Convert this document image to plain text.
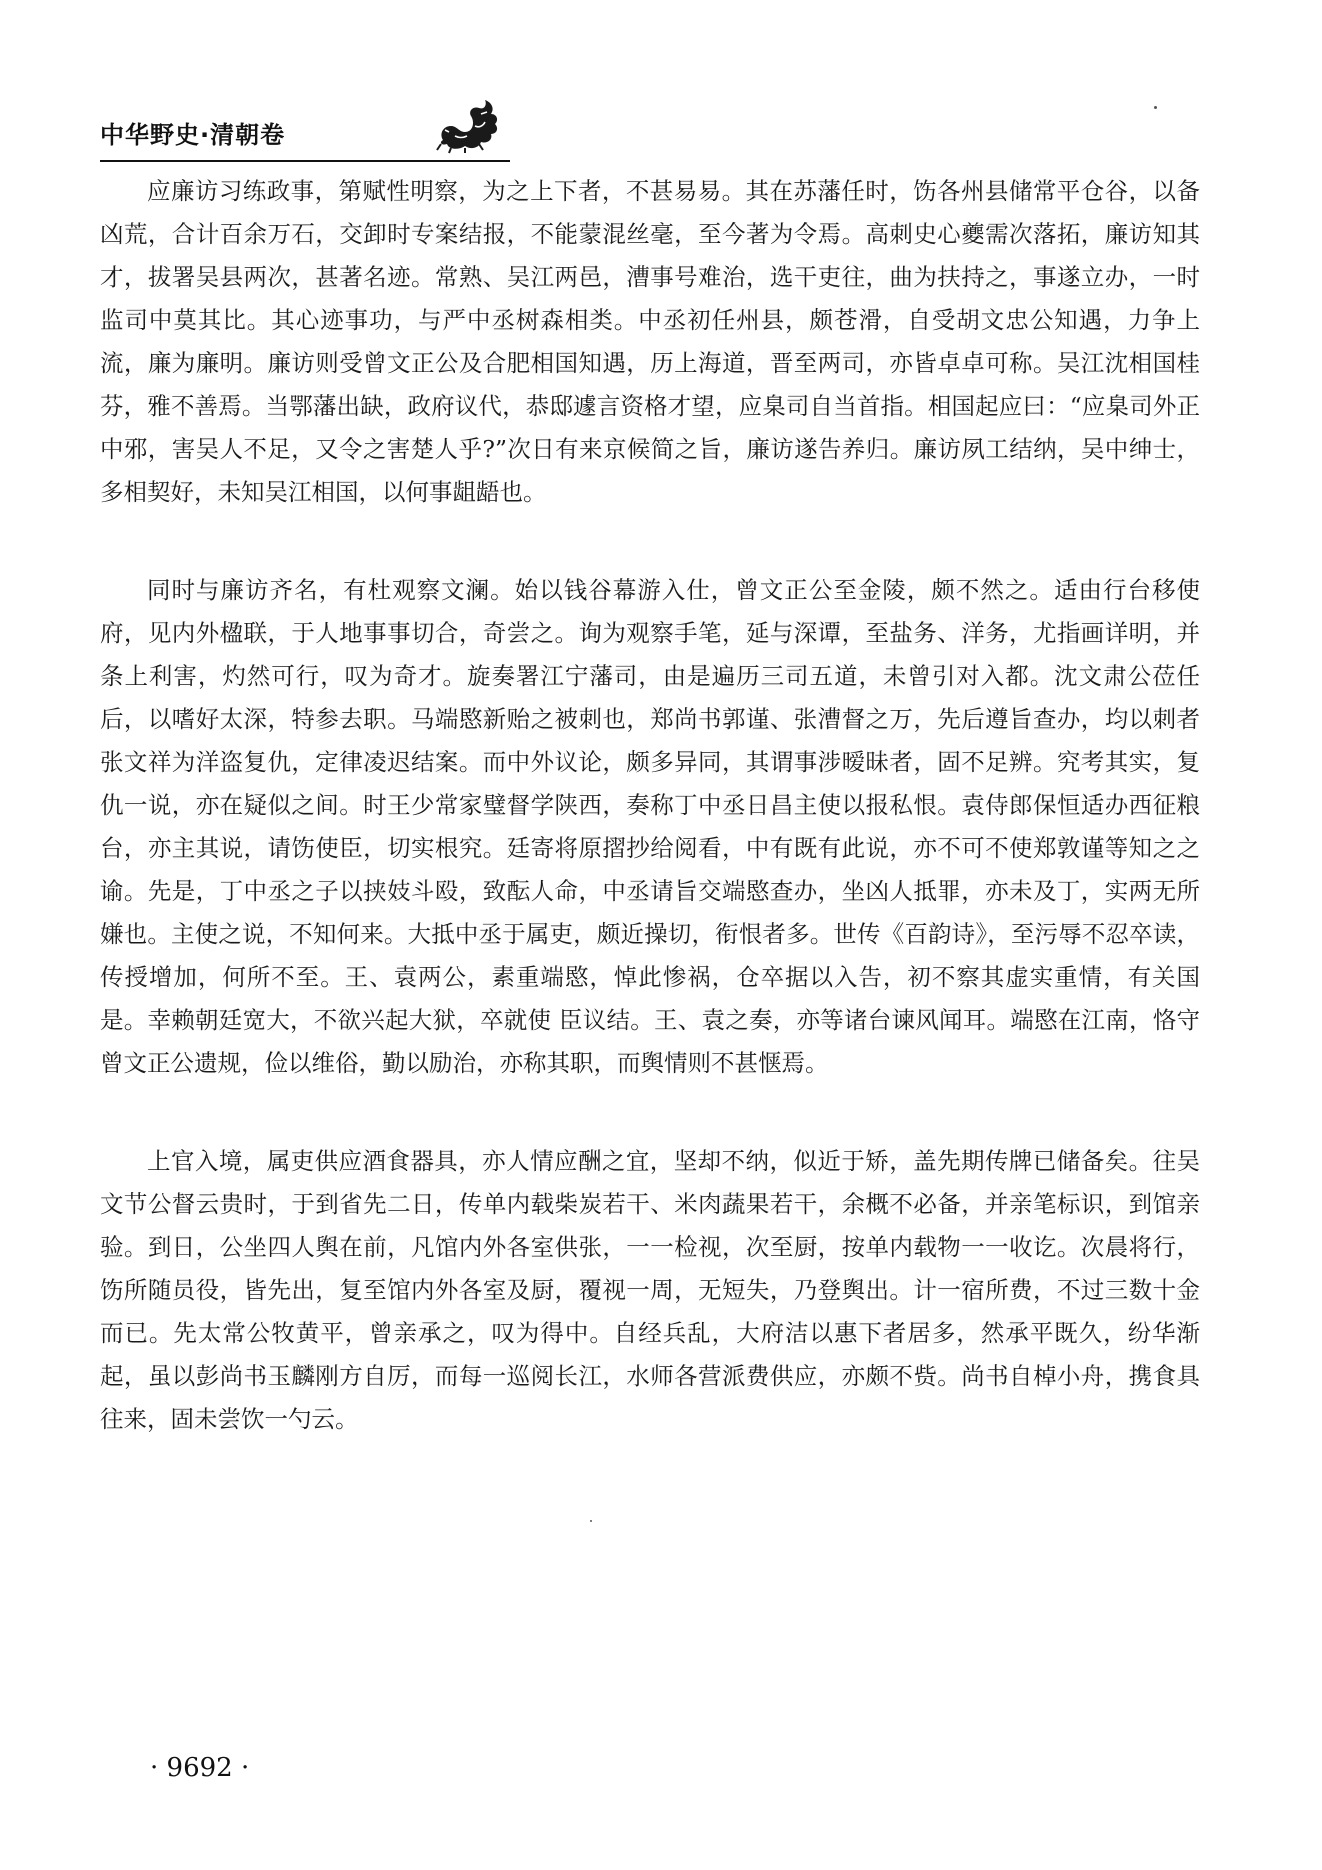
中华野史·清朝卷

应廉访习练政事，第赋性明察，为之上下者，不甚易易。其在苏藩任时，饬各州县储常平仓谷，以备凶荒，合计百余万石，交卸时专案结报，不能蒙混丝毫，至今著为令焉。高刺史心夔需次落拓，廉访知其才，拔署吴县两次，甚著名迹。常熟、吴江两邑，漕事号难治，选干吏往，曲为扶持之，事遂立办，一时监司中莫其比。其心迹事功，与严中丞树森相类。中丞初任州县，颇苍滑，自受胡文忠公知遇，力争上流，廉为廉明。廉访则受曾文正公及合肥相国知遇，历上海道，晋至两司，亦皆卓卓可称。吴江沈相国桂芬，雅不善焉。当鄂藩出缺，政府议代，恭邸遽言资格才望，应臬司自当首指。相国起应曰：“应臬司外正中邪，害吴人不足，又令之害楚人乎?”次日有来京候简之旨，廉访遂告养归。廉访夙工结纳，吴中绅士，多相契好，未知吴江相国，以何事龃龉也。

同时与廉访齐名，有杜观察文澜。始以钱谷幕游入仕，曾文正公至金陵，颇不然之。适由行台移使府，见内外楹联，于人地事事切合，奇尝之。询为观察手笔，延与深谭，至盐务、洋务，尤指画详明，并条上利害，灼然可行，叹为奇才。旋奏署江宁藩司，由是遍历三司五道，未曾引对入都。沈文肃公莅任后，以嗜好太深，特参去职。马端愍新贻之被刺也，郑尚书郭谨、张漕督之万，先后遵旨查办，均以刺者张文祥为洋盗复仇，定律凌迟结案。而中外议论，颇多异同，其谓事涉暧昧者，固不足辨。究考其实，复仇一说，亦在疑似之间。时王少常家璧督学陕西，奏称丁中丞日昌主使以报私恨。袁侍郎保恒适办西征粮台，亦主其说，请饬使臣，切实根究。廷寄将原摺抄给阅看，中有既有此说，亦不可不使郑敦谨等知之之谕。先是，丁中丞之子以挟妓斗殴，致酝人命，中丞请旨交端愍查办，坐凶人抵罪，亦未及丁，实两无所嫌也。主使之说，不知何来。大抵中丞于属吏，颇近操切，衔恨者多。世传《百韵诗》，至污辱不忍卒读，传授增加，何所不至。王、袁两公，素重端愍，悼此惨祸，仓卒据以入告，初不察其虚实重情，有关国是。幸赖朝廷宽大，不欲兴起大狱，卒就使 臣议结。王、袁之奏，亦等诸台谏风闻耳。端愍在江南，恪守曾文正公遗规，俭以维俗，勤以励治，亦称其职，而舆情则不甚惬焉。

上官入境，属吏供应酒食器具，亦人情应酬之宜，坚却不纳，似近于矫，盖先期传牌已储备矣。往吴文节公督云贵时，于到省先二日，传单内载柴炭若干、米肉蔬果若干，余概不必备，并亲笔标识，到馆亲验。到日，公坐四人舆在前，凡馆内外各室供张，一一检视，次至厨，按单内载物一一收讫。次晨将行，饬所随员役，皆先出，复至馆内外各室及厨，覆视一周，无短失，乃登舆出。计一宿所费，不过三数十金而已。先太常公牧黄平，曾亲承之，叹为得中。自经兵乱，大府洁以惠下者居多，然承平既久，纷华渐起，虽以彭尚书玉麟刚方自厉，而每一巡阅长江，水师各营派费供应，亦颇不赀。尚书自棹小舟，携食具往来，固未尝饮一勺云。

· 9692 ·
